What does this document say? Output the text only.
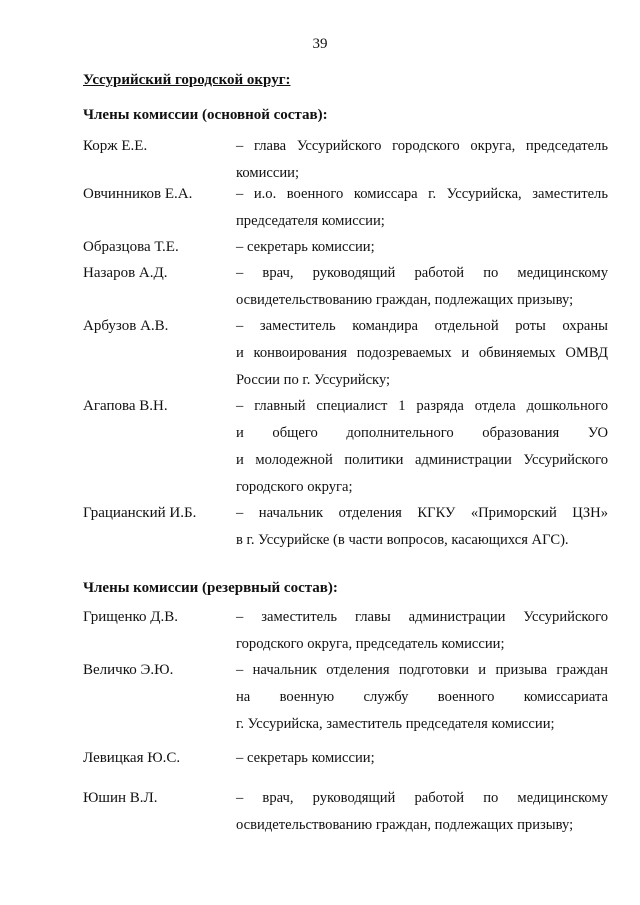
39
Уссурийский городской округ:
Члены комиссии (основной состав):
Корж Е.Е.	– глава Уссурийского городского округа, председатель
комиссии;
Овчинников Е.А.	– и.о. военного комиссара г. Уссурийска, заместитель
председателя комиссии;
Образцова Т.Е.	– секретарь комиссии;
Назаров А.Д.	– врач, руководящий работой по медицинскому
освидетельствованию граждан, подлежащих призыву;
Арбузов А.В.	– заместитель командира отдельной роты охраны
и конвоирования подозреваемых и обвиняемых ОМВД
России по г. Уссурийску;
Агапова В.Н.	– главный специалист 1 разряда отдела дошкольного
и общего дополнительного образования УО
и молодежной политики администрации Уссурийского
городского округа;
Грацианский И.Б.	– начальник отделения КГКУ «Приморский ЦЗН»
в г. Уссурийске (в части вопросов, касающихся АГС).
Члены комиссии (резервный состав):
Грищенко Д.В.	– заместитель главы администрации Уссурийского
городского округа, председатель комиссии;
Величко Э.Ю.	– начальник отделения подготовки и призыва граждан
на военную службу военного комиссариата
г. Уссурийска, заместитель председателя комиссии;
Левицкая Ю.С.	– секретарь комиссии;
Юшин В.Л.	– врач, руководящий работой по медицинскому
освидетельствованию граждан, подлежащих призыву;
